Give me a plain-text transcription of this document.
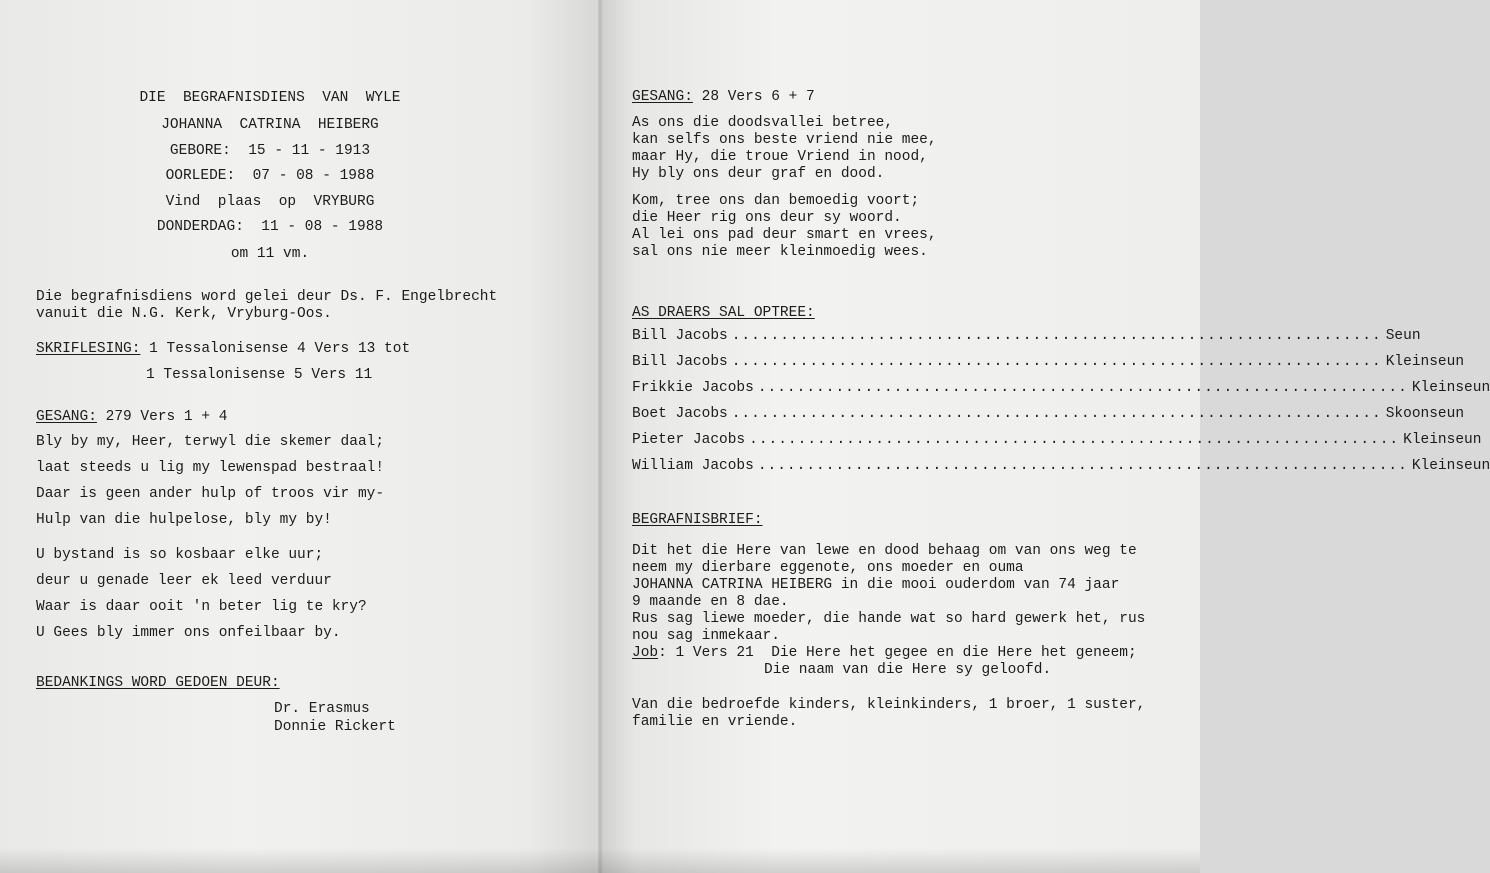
DIE  BEGRAFNISDIENS  VAN  WYLE
JOHANNA  CATRINA  HEIBERG
GEBORE:  15 - 11 - 1913
OORLEDE:  07 - 08 - 1988
Vind  plaas  op  VRYBURG
DONDERDAG:  11 - 08 - 1988
om 11 vm.
Die begrafnisdiens word gelei deur Ds. F. Engelbrecht
vanuit die N.G. Kerk, Vryburg-Oos.
SKRIFLESING: 1 Tessalonisense 4 Vers 13 tot
1 Tessalonisense 5 Vers 11
GESANG: 279 Vers 1 + 4
Bly by my, Heer, terwyl die skemer daal;
laat steeds u lig my lewenspad bestraal!
Daar is geen ander hulp of troos vir my-
Hulp van die hulpelose, bly my by!
U bystand is so kosbaar elke uur;
deur u genade leer ek leed verduur
Waar is daar ooit 'n beter lig te kry?
U Gees bly immer ons onfeilbaar by.
BEDANKINGS WORD GEDOEN DEUR:
Dr. Erasmus
Donnie Rickert
GESANG: 28 Vers 6 + 7
As ons die doodsvallei betree,
kan selfs ons beste vriend nie mee,
maar Hy, die troue Vriend in nood,
Hy bly ons deur graf en dood.
Kom, tree ons dan bemoedig voort;
die Heer rig ons deur sy woord.
Al lei ons pad deur smart en vrees,
sal ons nie meer kleinmoedig wees.
AS DRAERS SAL OPTREE:
Bill Jacobs ................................................................... Seun
Bill Jacobs ................................................................... Kleinseun
Frikkie Jacobs ................................................................... Kleinseun
Boet Jacobs ................................................................... Skoonseun
Pieter Jacobs ................................................................... Kleinseun
William Jacobs ................................................................... Kleinseun
BEGRAFNISBRIEF:
Dit het die Here van lewe en dood behaag om van ons weg te
neem my dierbare eggenote, ons moeder en ouma
JOHANNA CATRINA HEIBERG in die mooi ouderdom van 74 jaar
9 maande en 8 dae.
Rus sag liewe moeder, die hande wat so hard gewerk het, rus
nou sag inmekaar.
Job: 1 Vers 21  Die Here het gegee en die Here het geneem;
Die naam van die Here sy geloofd.
Van die bedroefde kinders, kleinkinders, 1 broer, 1 suster,
familie en vriende.
